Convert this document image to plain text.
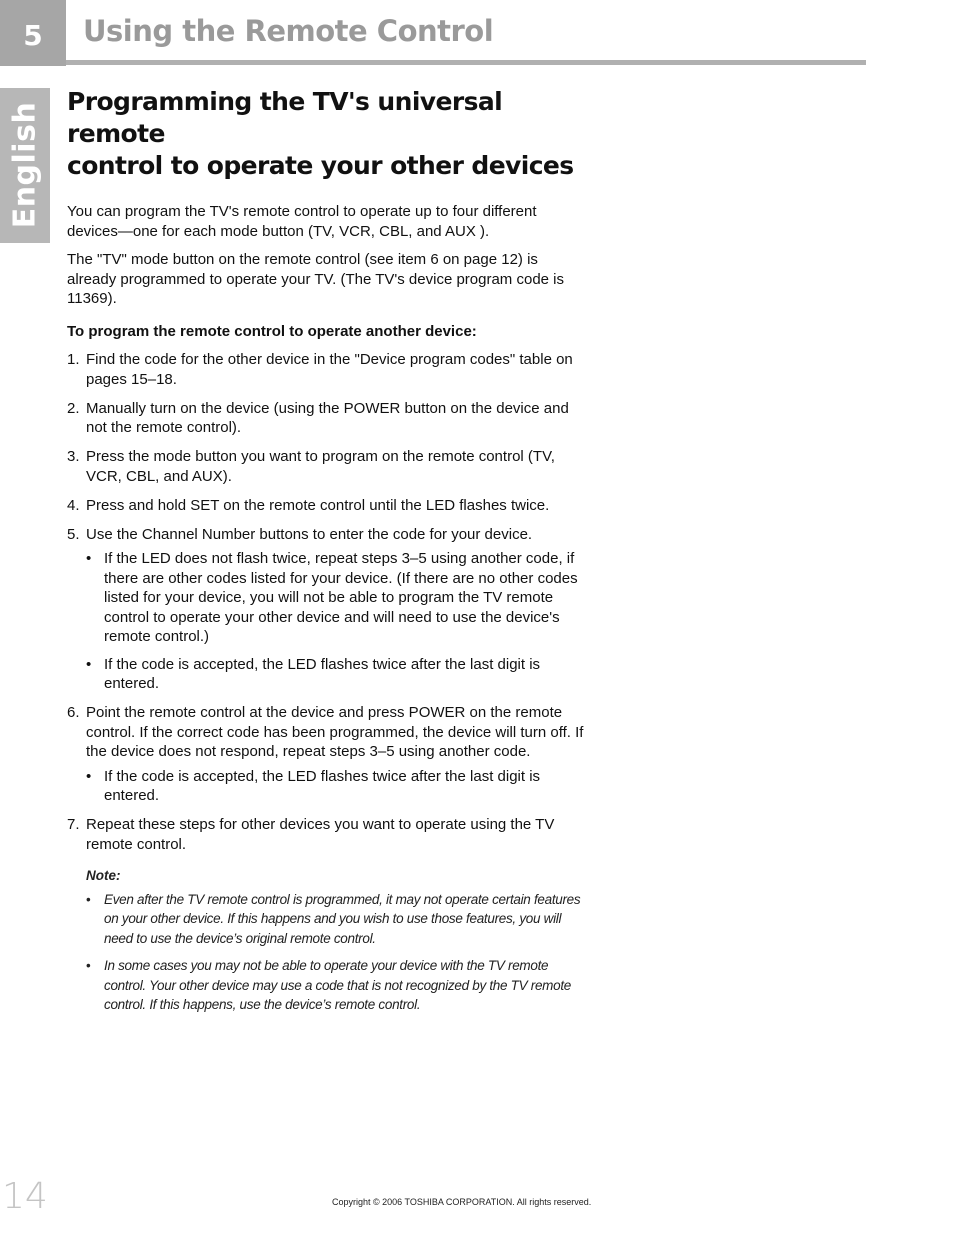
5	Using the Remote Control
English
Programming the TV's universal remote
control to operate your other devices

You can program the TV's remote control to operate up to four different devices—one for each mode button (TV, VCR, CBL, and AUX ).

The "TV" mode button on the remote control (see item 6 on page 12) is already programmed to operate your TV. (The TV's device program code is 11369).

To program the remote control to operate another device:

1. Find the code for the other device in the "Device program codes" table on pages 15–18.
2. Manually turn on the device (using the POWER button on the device and not the remote control).
3. Press the mode button you want to program on the remote control (TV, VCR, CBL, and AUX).
4. Press and hold SET on the remote control until the LED flashes twice.
5. Use the Channel Number buttons to enter the code for your device.
• If the LED does not flash twice, repeat steps 3–5 using another code, if there are other codes listed for your device. (If there are no other codes listed for your device, you will not be able to program the TV remote control to operate your other device and will need to use the device's remote control.)
• If the code is accepted, the LED flashes twice after the last digit is entered.
6. Point the remote control at the device and press POWER on the remote control. If the correct code has been programmed, the device will turn off. If the device does not respond, repeat steps 3–5 using another code.
• If the code is accepted, the LED flashes twice after the last digit is entered.
7. Repeat these steps for other devices you want to operate using the TV remote control.
Note:
• Even after the TV remote control is programmed, it may not operate certain features on your other device. If this happens and you wish to use those features, you will need to use the device’s original remote control.
• In some cases you may not be able to operate your device with the TV remote control. Your other device may use a code that is not recognized by the TV remote control. If this happens, use the device’s remote control.
14	Copyright © 2006 TOSHIBA CORPORATION. All rights reserved.
